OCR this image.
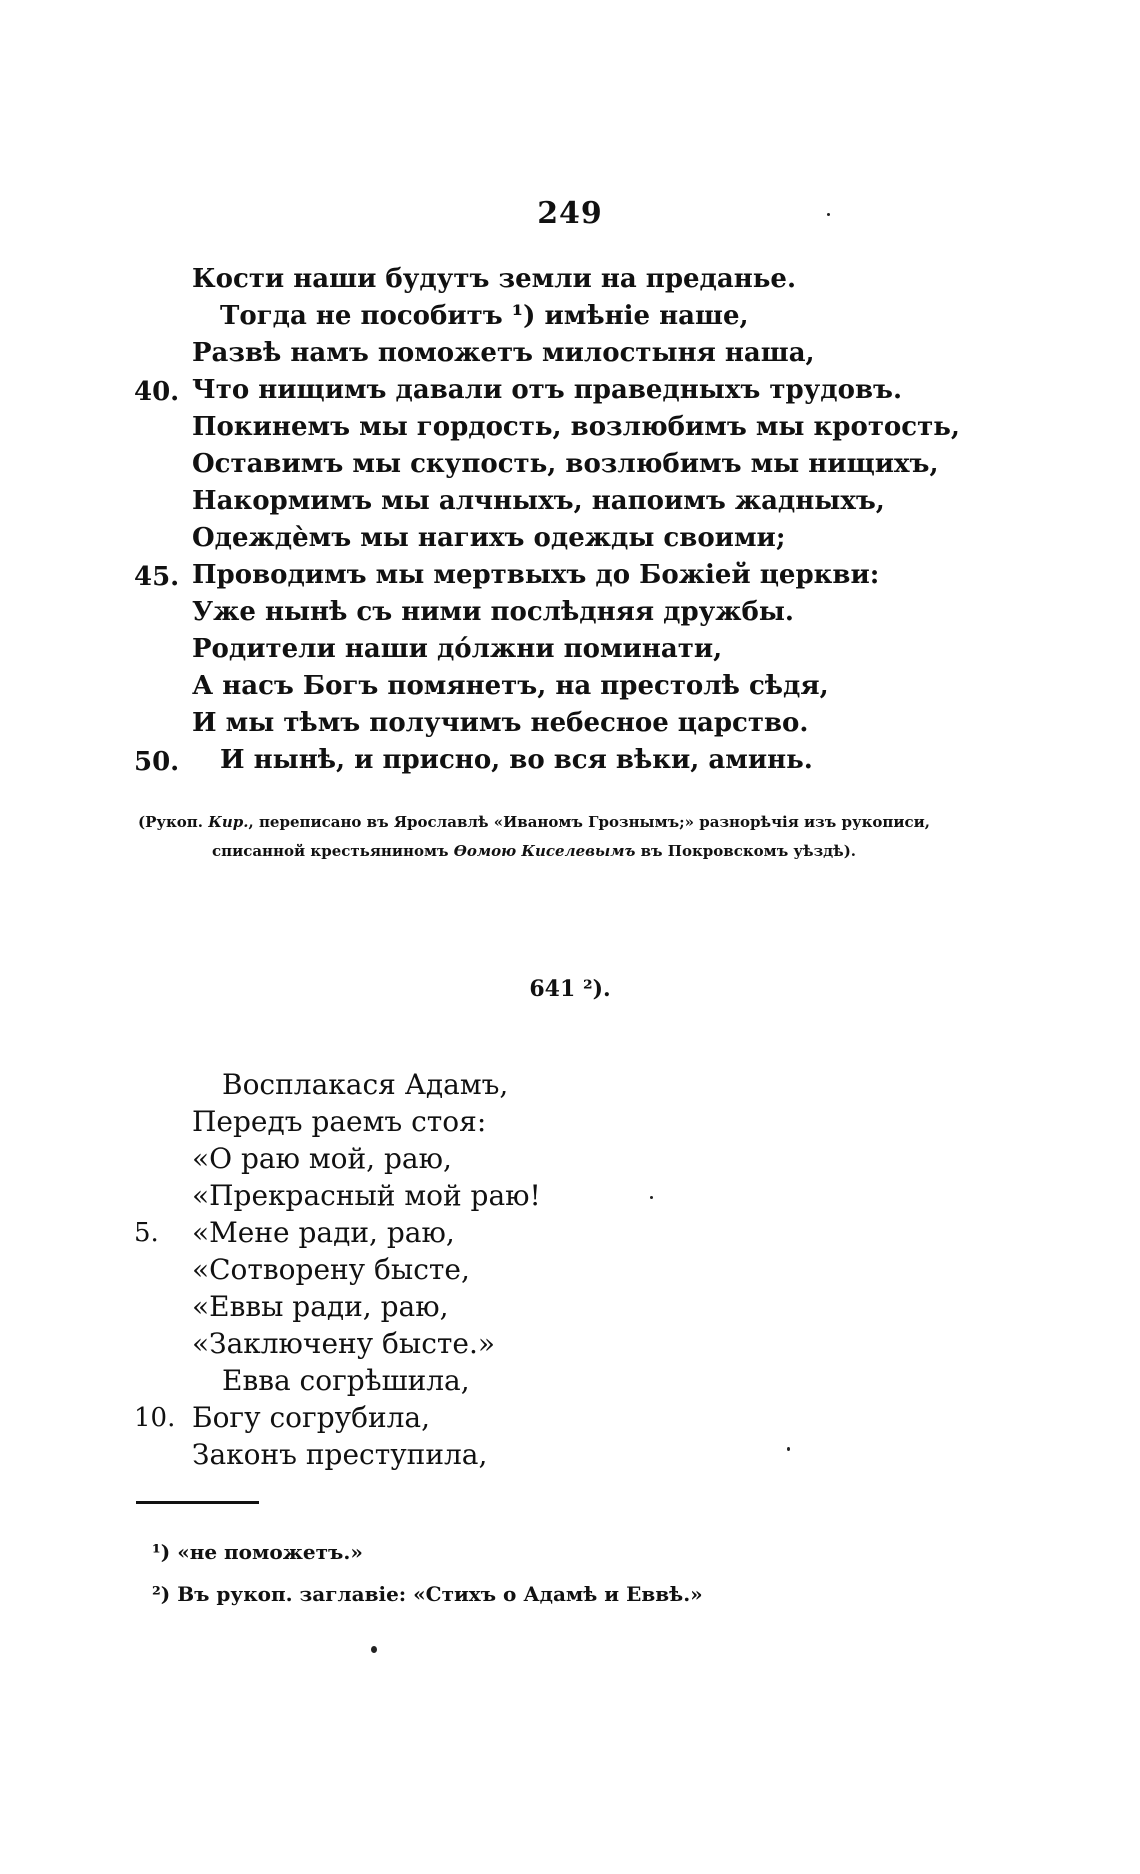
249
Кости наши будутъ земли на преданье.
Тогда не пособитъ ¹) имѣніе наше,
Развѣ намъ поможетъ милостыня наша,
40. Что нищимъ давали отъ праведныхъ трудовъ.
Покинемъ мы гордость, возлюбимъ мы кротость,
Оставимъ мы скупость, возлюбимъ мы нищихъ,
Накормимъ мы алчныхъ, напоимъ жадныхъ,
Одеждѐмъ мы нагихъ одежды своими;
45. Проводимъ мы мертвыхъ до Божіей церкви:
Уже нынѣ съ ними послѣдняя дружбы.
Родители наши до́лжни поминати,
А насъ Богъ помянетъ, на престолѣ сѣдя,
И мы тѣмъ получимъ небесное царство.
50. И нынѣ, и присно, во вся вѣки, аминь.
(Рукоп. Кир., переписано въ Ярославлѣ «Иваномъ Грознымъ;» разнорѣчія изъ рукописи,
списанной крестьяниномъ Ѳомою Киселевымъ въ Покровскомъ уѣздѣ).
641 ²).
Восплакася Адамъ,
Передъ раемъ стоя:
«О раю мой, раю,
«Прекрасный мой раю!
5.	«Мене ради, раю,
«Сотворену бысте,
«Еввы ради, раю,
«Заключену бысте.»
Евва согрѣшила,
10. Богу согрубила,
Законъ преступила,
¹) «не поможетъ.»
²) Въ рукоп. заглавіе: «Стихъ о Адамѣ и Еввѣ.»
